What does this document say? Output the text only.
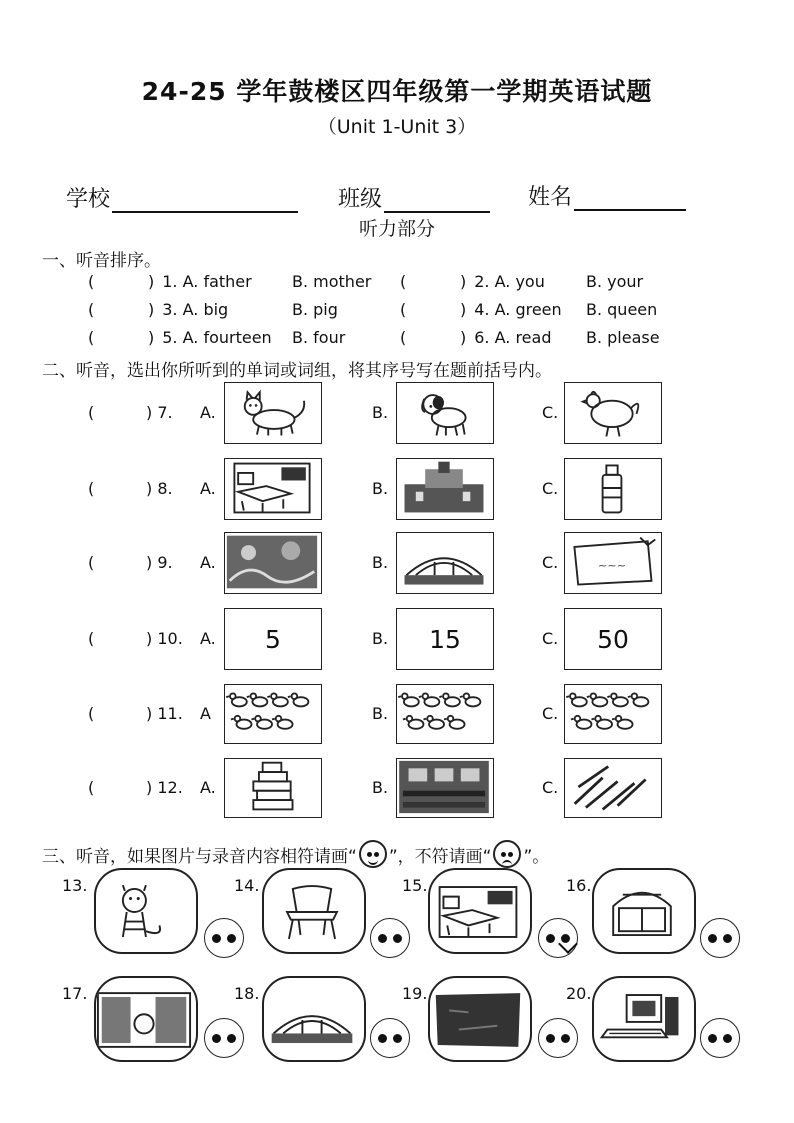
24-25 学年鼓楼区四年级第一学期英语试题
（Unit 1-Unit 3）
学校	班级	姓名
听力部分
一、听音排序。
(	) 1. A. father	B. mother (	) 2. A. you	B. your
(	) 3. A. big	B. pig	(	) 4. A. green B. queen
(	) 5. A. fourteen B. four	(	) 6. A. read B. please
二、听音，选出你所听到的单词或词组，将其序号写在题前括号内。
(	) 7. A.	B.	C.
(	) 8. A.	B.	C.
(	) 9. A.	B.	C.	~~~
(	) 10. A. 5	B. 15	C. 50
(	) 11. A	B.	C.
(	) 12. A.	B.	C.
三、听音，如果图片与录音内容相符请画“ ”，不符请画“ ”。
13.	14.	15.	16.
17.	18.	19.	20.
